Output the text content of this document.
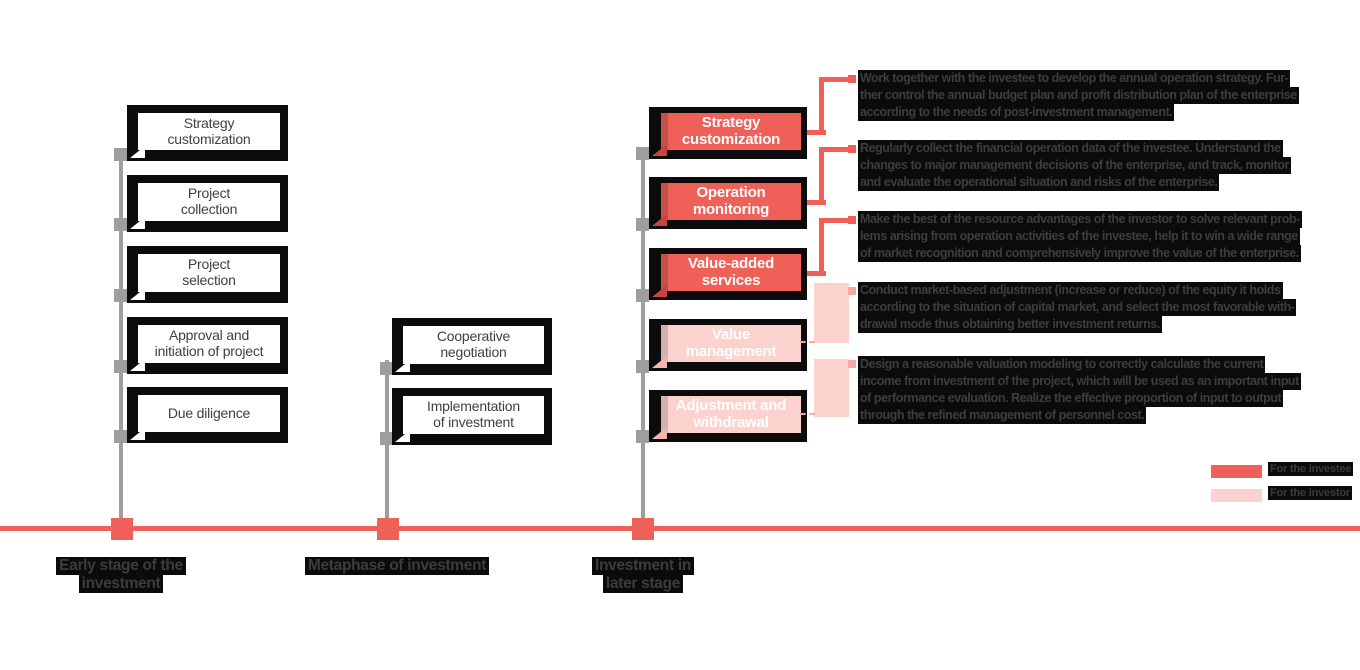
Strategy
customization
Project
collection
Project
selection
Approval and
initiation of project
Due diligence
Cooperative
negotiation
Implementation
of investment
Strategy
customization
Operation
monitoring
Value-added
services
Value
management
Adjustment and
withdrawal
Work together with the investee to develop the annual operation strategy. Fur-
ther control the annual budget plan and profit distribution plan of the enterprise
according to the needs of post-investment management.
Regularly collect the financial operation data of the investee. Understand the
changes to major management decisions of the enterprise, and track, monitor
and evaluate the operational situation and risks of the enterprise.
Make the best of the resource advantages of the investor to solve relevant prob-
lems arising from operation activities of the investee, help it to win a wide range
of market recognition and comprehensively improve the value of the enterprise.
Conduct market-based adjustment (increase or reduce) of the equity it holds
according to the situation of capital market, and select the most favorable with-
drawal mode thus obtaining better investment returns.
Design a reasonable valuation modeling to correctly calculate the current
income from investment of the project, which will be used as an important input
of performance evaluation. Realize the effective proportion of input to output
through the refined management of personnel cost.
Early stage of the
investment
Metaphase of investment	Investment in
later stage
For the investee
For the investor
